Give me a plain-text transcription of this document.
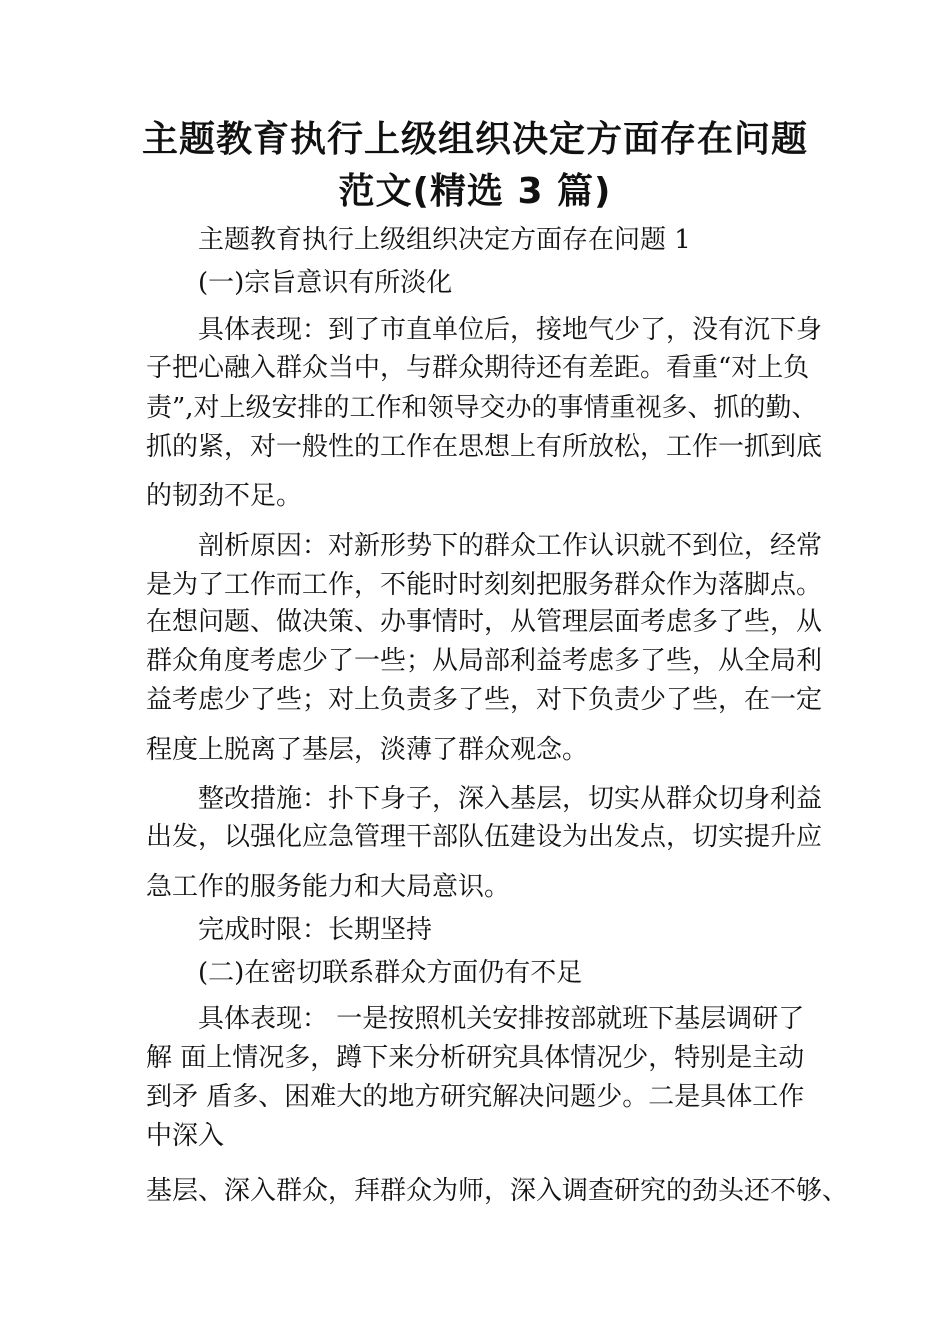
主题教育执行上级组织决定方面存在问题
范文(精选 3 篇)
主题教育执行上级组织决定方面存在问题 1
(一)宗旨意识有所淡化
具体表现：到了市直单位后，接地气少了，没有沉下身
子把心融入群众当中，与群众期待还有差距。看重“对上负
责”,对上级安排的工作和领导交办的事情重视多、抓的勤、
抓的紧，对一般性的工作在思想上有所放松，工作一抓到底
的韧劲不足。
剖析原因：对新形势下的群众工作认识就不到位，经常
是为了工作而工作，不能时时刻刻把服务群众作为落脚点。
在想问题、做决策、办事情时，从管理层面考虑多了些，从
群众角度考虑少了一些；从局部利益考虑多了些，从全局利
益考虑少了些；对上负责多了些，对下负责少了些，在一定
程度上脱离了基层，淡薄了群众观念。
整改措施：扑下身子，深入基层，切实从群众切身利益
出发，以强化应急管理干部队伍建设为出发点，切实提升应
急工作的服务能力和大局意识。
完成时限：长期坚持
(二)在密切联系群众方面仍有不足
具体表现： 一是按照机关安排按部就班下基层调研了
解 面上情况多，蹲下来分析研究具体情况少，特别是主动
到矛 盾多、困难大的地方研究解决问题少。二是具体工作
中深入
基层、深入群众，拜群众为师，深入调查研究的劲头还不够、
